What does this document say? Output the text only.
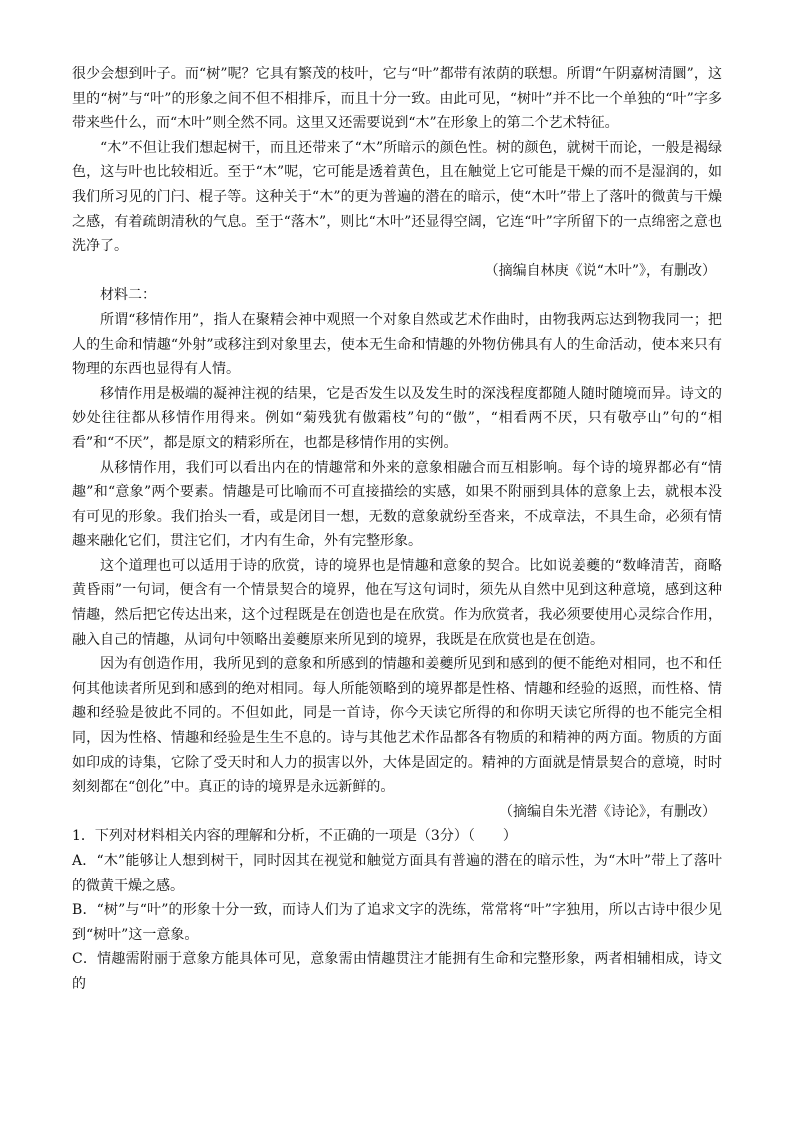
很少会想到叶子。而“树”呢？它具有繁茂的枝叶，它与“叶”都带有浓荫的联想。所谓“午阴嘉树清圜”，这里的“树”与“叶”的形象之间不但不相排斥，而且十分一致。由此可见，“树叶”并不比一个单独的“叶”字多带来些什么，而“木叶”则全然不同。这里又还需要说到“木”在形象上的第二个艺术特征。

“木”不但让我们想起树干，而且还带来了“木”所暗示的颜色性。树的颜色，就树干而论，一般是褐绿色，这与叶也比较相近。至于“木”呢，它可能是透着黄色，且在触觉上它可能是干燥的而不是湿润的，如我们所习见的门闩、棍子等。这种关于“木”的更为普遍的潜在的暗示，使“木叶”带上了落叶的微黄与干燥之感，有着疏朗清秋的气息。至于“落木”，则比“木叶”还显得空阔，它连“叶”字所留下的一点绵密之意也洗净了。

（摘编自林庚《说“木叶”》，有删改）

材料二：

所谓“移情作用”，指人在聚精会神中观照一个对象自然或艺术作曲时，由物我两忘达到物我同一；把人的生命和情趣“外射”或移注到对象里去，使本无生命和情趣的外物仿佛具有人的生命活动，使本来只有物理的东西也显得有人情。

移情作用是极端的凝神注视的结果，它是否发生以及发生时的深浅程度都随人随时随境而异。诗文的妙处往往都从移情作用得来。例如“菊残犹有傲霜枝”句的“傲”，“相看两不厌，只有敬亭山”句的“相看”和“不厌”，都是原文的精彩所在，也都是移情作用的实例。

从移情作用，我们可以看出内在的情趣常和外来的意象相融合而互相影响。每个诗的境界都必有“情趣”和“意象”两个要素。情趣是可比喻而不可直接描绘的实感，如果不附丽到具体的意象上去，就根本没有可见的形象。我们抬头一看，或是闭目一想，无数的意象就纷至沓来，不成章法，不具生命，必须有情趣来融化它们，贯注它们，才内有生命，外有完整形象。

这个道理也可以适用于诗的欣赏，诗的境界也是情趣和意象的契合。比如说姜夔的“数峰清苦，商略黄昏雨”一句词，便含有一个情景契合的境界，他在写这句词时，须先从自然中见到这种意境，感到这种情趣，然后把它传达出来，这个过程既是在创造也是在欣赏。作为欣赏者，我必须要使用心灵综合作用，融入自己的情趣，从词句中领略出姜夔原来所见到的境界，我既是在欣赏也是在创造。

因为有创造作用，我所见到的意象和所感到的情趣和姜夔所见到和感到的便不能绝对相同，也不和任何其他读者所见到和感到的绝对相同。每人所能领略到的境界都是性格、情趣和经验的返照，而性格、情趣和经验是彼此不同的。不但如此，同是一首诗，你今天读它所得的和你明天读它所得的也不能完全相同，因为性格、情趣和经验是生生不息的。诗与其他艺术作品都各有物质的和精神的两方面。物质的方面如印成的诗集，它除了受天时和人力的损害以外，大体是固定的。精神的方面就是情景契合的意境，时时刻刻都在“创化”中。真正的诗的境界是永远新鲜的。

（摘编自朱光潜《诗论》，有删改）

1．下列对材料相关内容的理解和分析，不正确的一项是（3分）（　　）

A．“木”能够让人想到树干，同时因其在视觉和触觉方面具有普遍的潜在的暗示性，为“木叶”带上了落叶的微黄干燥之感。

B．“树”与“叶”的形象十分一致，而诗人们为了追求文字的洗练，常常将“叶”字独用，所以古诗中很少见到“树叶”这一意象。

C．情趣需附丽于意象方能具体可见，意象需由情趣贯注才能拥有生命和完整形象，两者相辅相成，诗文的
